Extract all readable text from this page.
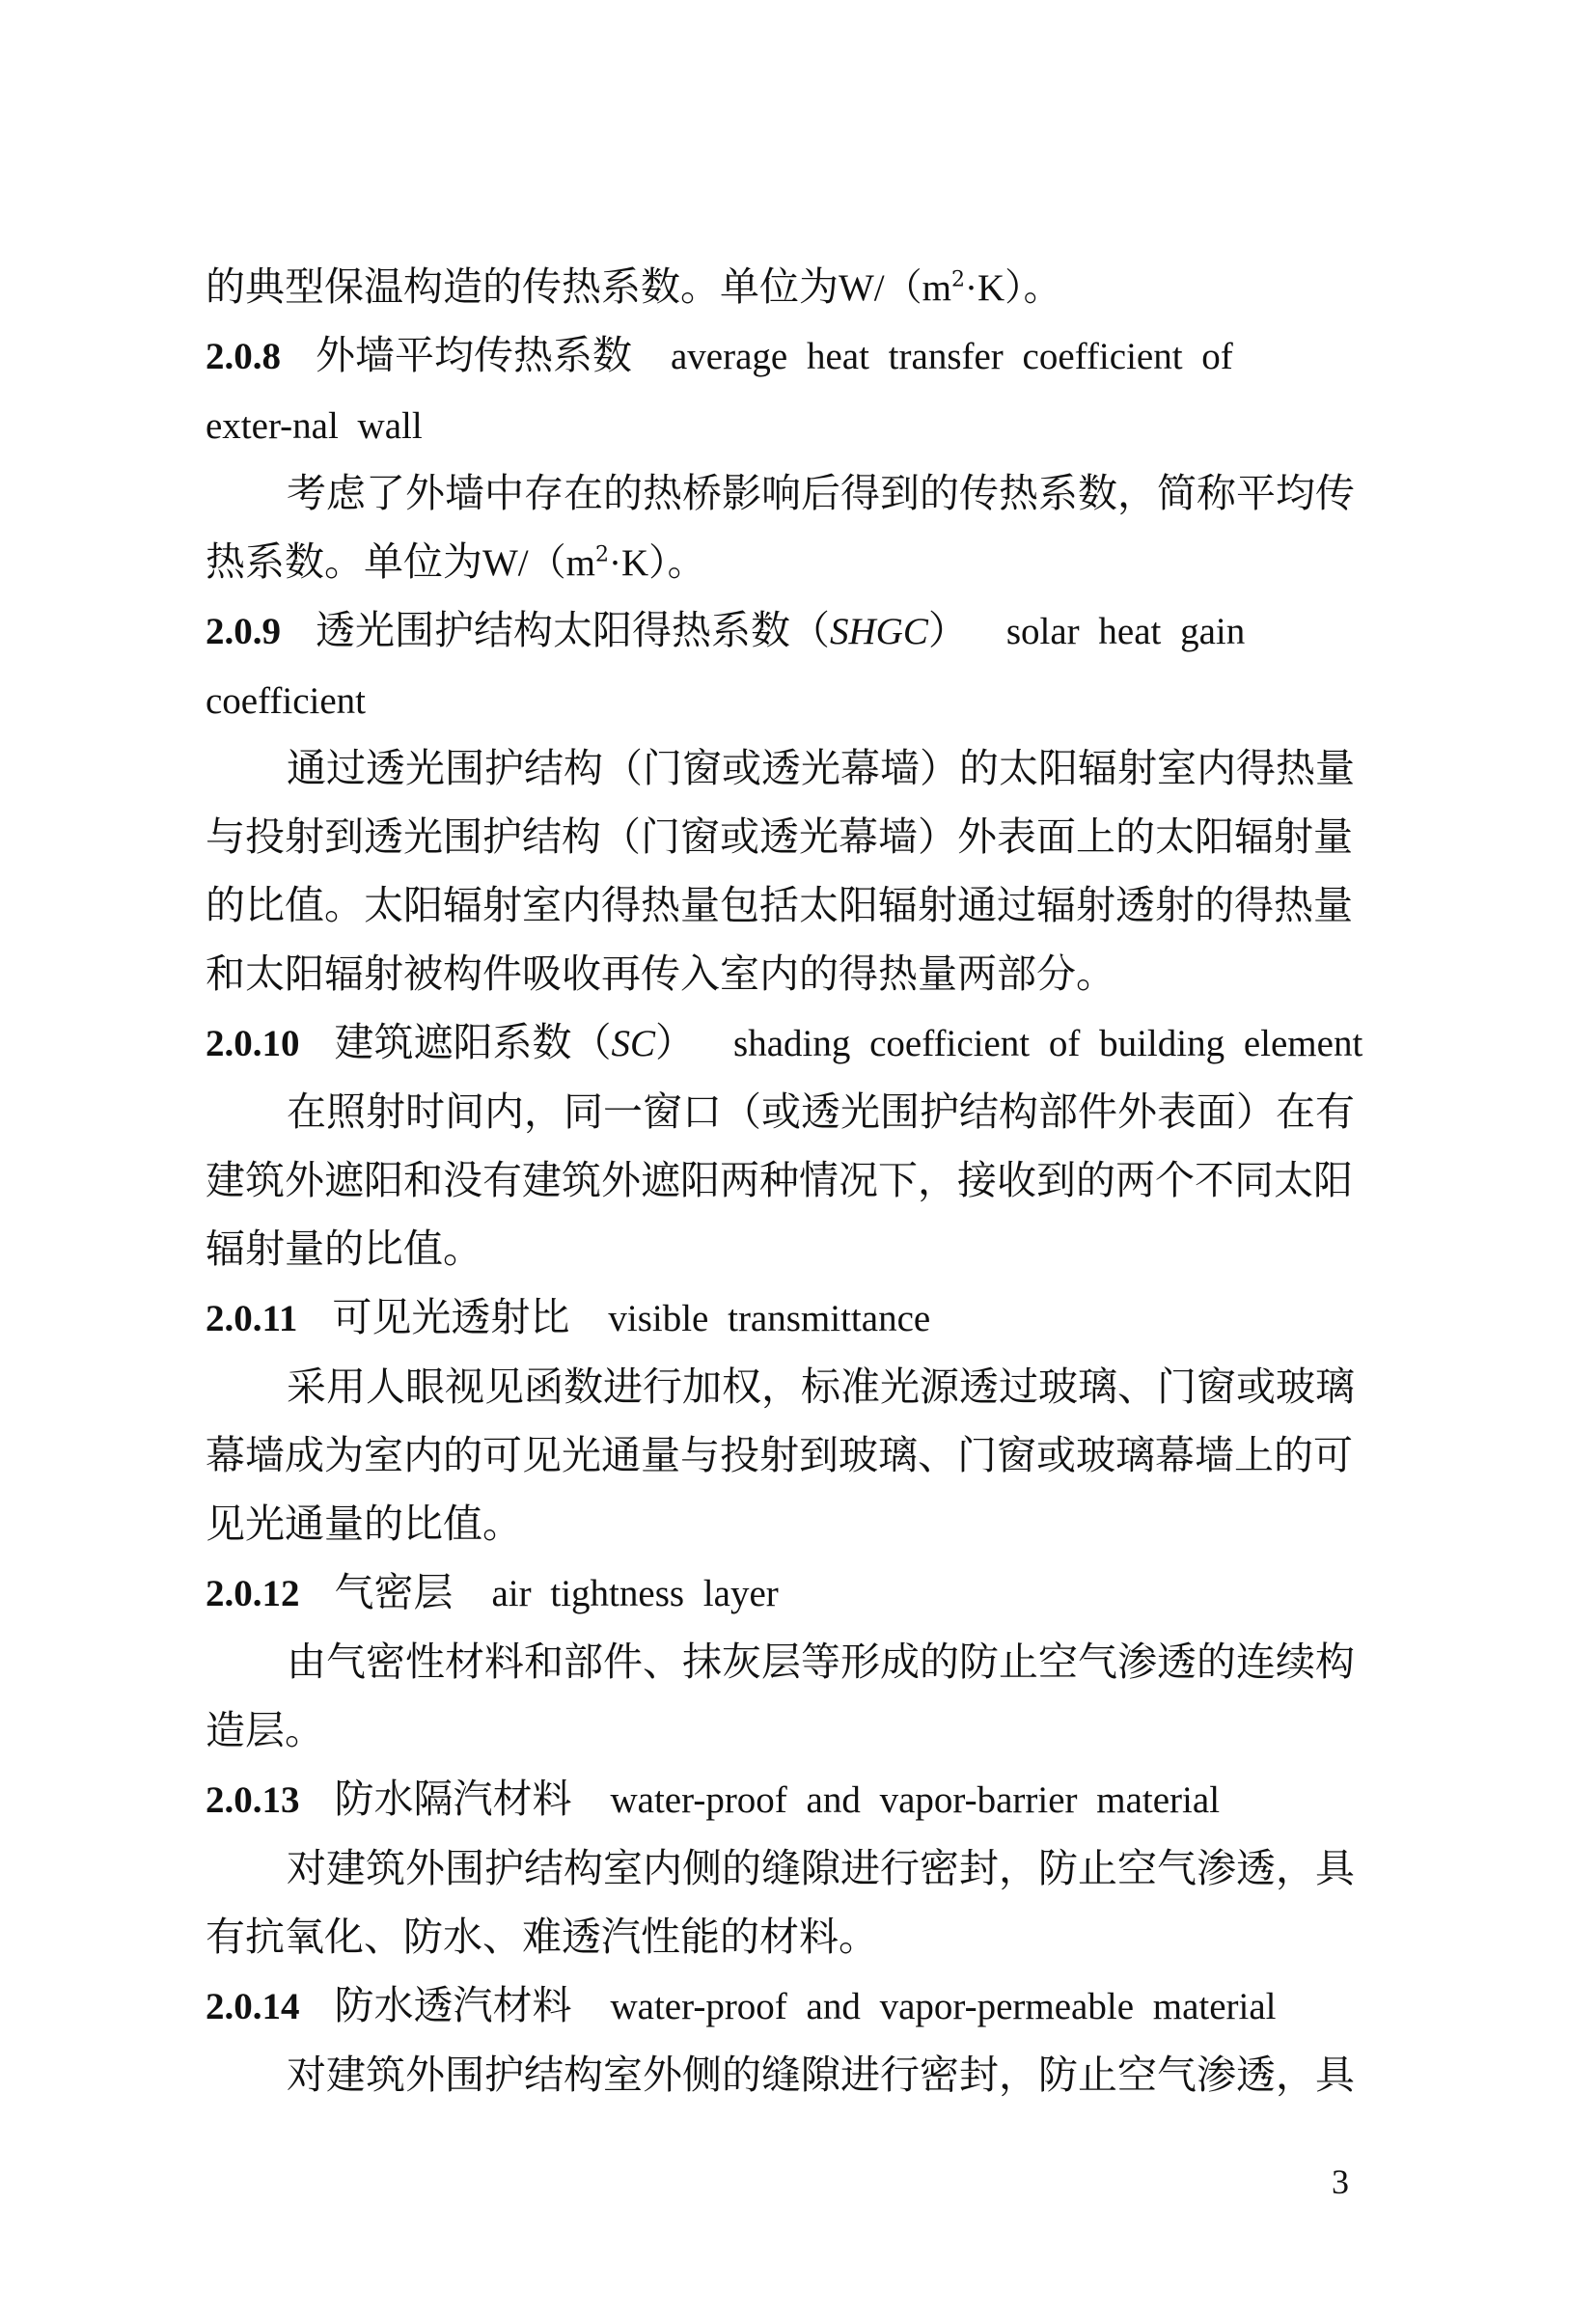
的典型保温构造的传热系数。单位为$W/(m^2\cdot K)$。
2.0.8 外墙平均传热系数 average heat transfer coefficient of
exter-nal wall
考虑了外墙中存在的热桥影响后得到的传热系数，简称平均传
热系数。单位为$W/(m^2\cdot K)$。
2.0.9 透光围护结构太阳得热系数（SHGC） solar heat gain
coefficient
通过透光围护结构（门窗或透光幕墙）的太阳辐射室内得热量
与投射到透光围护结构（门窗或透光幕墙）外表面上的太阳辐射量
的比值。太阳辐射室内得热量包括太阳辐射通过辐射透射的得热量
和太阳辐射被构件吸收再传入室内的得热量两部分。
2.0.10 建筑遮阳系数（SC） shading coefficient of building element
在照射时间内，同一窗口（或透光围护结构部件外表面）在有
建筑外遮阳和没有建筑外遮阳两种情况下，接收到的两个不同太阳
辐射量的比值。
2.0.11 可见光透射比 visible transmittance
采用人眼视见函数进行加权，标准光源透过玻璃、门窗或玻璃
幕墙成为室内的可见光通量与投射到玻璃、门窗或玻璃幕墙上的可
见光通量的比值。
2.0.12 气密层 air tightness layer
由气密性材料和部件、抹灰层等形成的防止空气渗透的连续构
造层。
2.0.13 防水隔汽材料 water-proof and vapor-barrier material
对建筑外围护结构室内侧的缝隙进行密封，防止空气渗透，具
有抗氧化、防水、难透汽性能的材料。
2.0.14 防水透汽材料 water-proof and vapor-permeable material
对建筑外围护结构室外侧的缝隙进行密封，防止空气渗透，具
3
